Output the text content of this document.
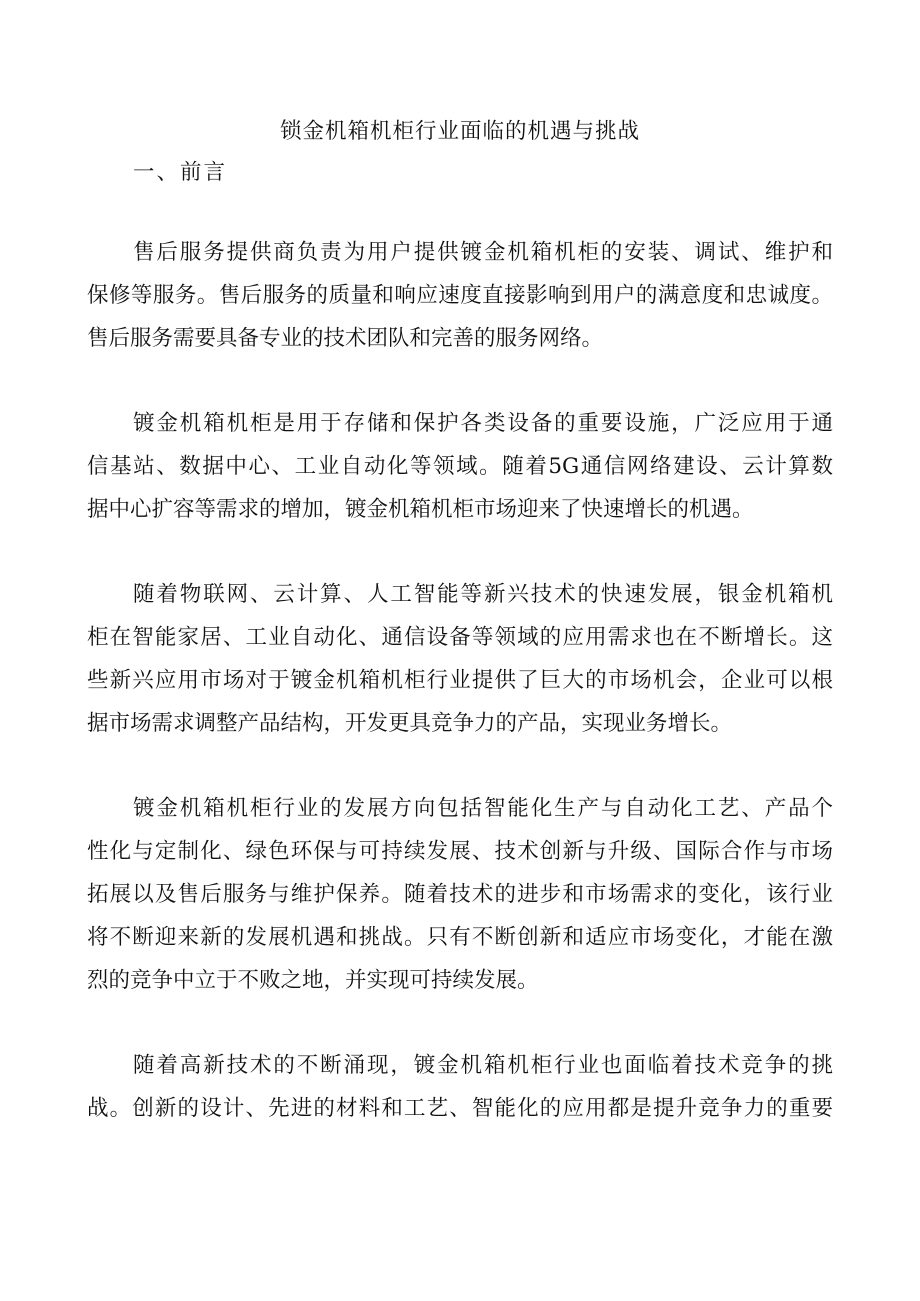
锁金机箱机柜行业面临的机遇与挑战
一、前言
售后服务提供商负责为用户提供镀金机箱机柜的安装、调试、维护和
保修等服务。售后服务的质量和响应速度直接影响到用户的满意度和忠诚度。
售后服务需要具备专业的技术团队和完善的服务网络。
镀金机箱机柜是用于存储和保护各类设备的重要设施，广泛应用于通
信基站、数据中心、工业自动化等领域。随着5G通信网络建设、云计算数
据中心扩容等需求的增加，镀金机箱机柜市场迎来了快速增长的机遇。
随着物联网、云计算、人工智能等新兴技术的快速发展，银金机箱机
柜在智能家居、工业自动化、通信设备等领域的应用需求也在不断增长。这
些新兴应用市场对于镀金机箱机柜行业提供了巨大的市场机会，企业可以根
据市场需求调整产品结构，开发更具竞争力的产品，实现业务增长。
镀金机箱机柜行业的发展方向包括智能化生产与自动化工艺、产品个
性化与定制化、绿色环保与可持续发展、技术创新与升级、国际合作与市场
拓展以及售后服务与维护保养。随着技术的进步和市场需求的变化，该行业
将不断迎来新的发展机遇和挑战。只有不断创新和适应市场变化，才能在激
烈的竞争中立于不败之地，并实现可持续发展。
随着高新技术的不断涌现，镀金机箱机柜行业也面临着技术竞争的挑
战。创新的设计、先进的材料和工艺、智能化的应用都是提升竞争力的重要
